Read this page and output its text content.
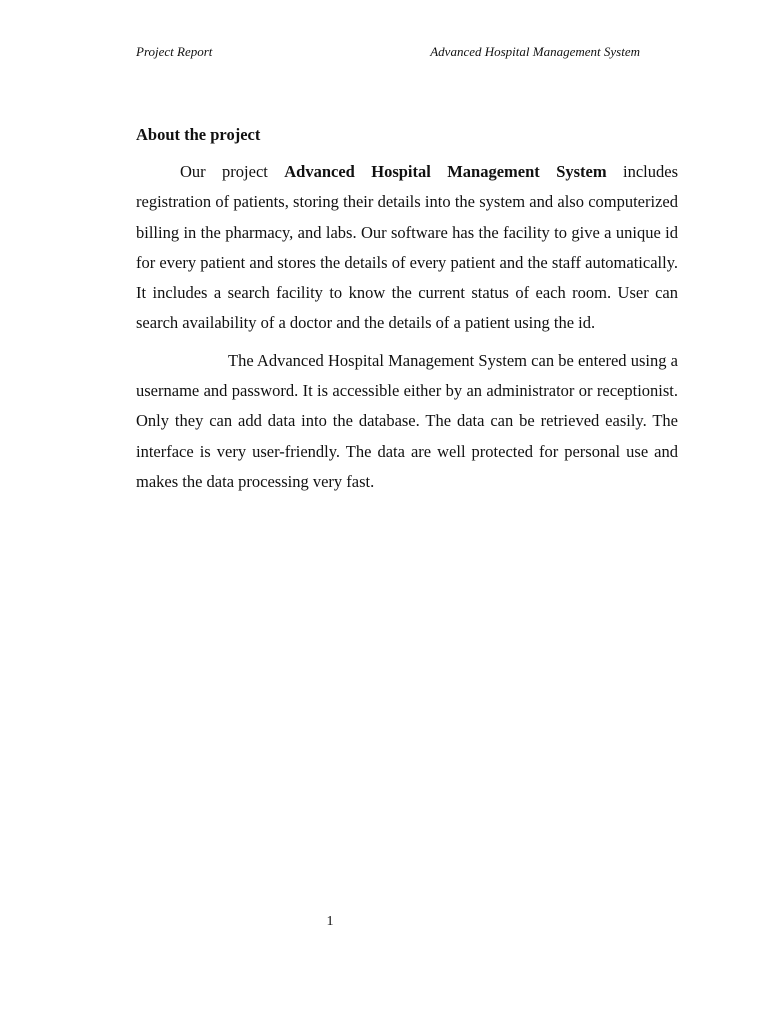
Project Report	Advanced Hospital Management System
About the project

Our project Advanced Hospital Management System includes registration of patients, storing their details into the system and also computerized billing in the pharmacy, and labs. Our software has the facility to give a unique id for every patient and stores the details of every patient and the staff automatically. It includes a search facility to know the current status of each room. User can search availability of a doctor and the details of a patient using the id.

The Advanced Hospital Management System can be entered using a username and password. It is accessible either by an administrator or receptionist. Only they can add data into the database. The data can be retrieved easily. The interface is very user-friendly. The data are well protected for personal use and makes the data processing very fast.

1
